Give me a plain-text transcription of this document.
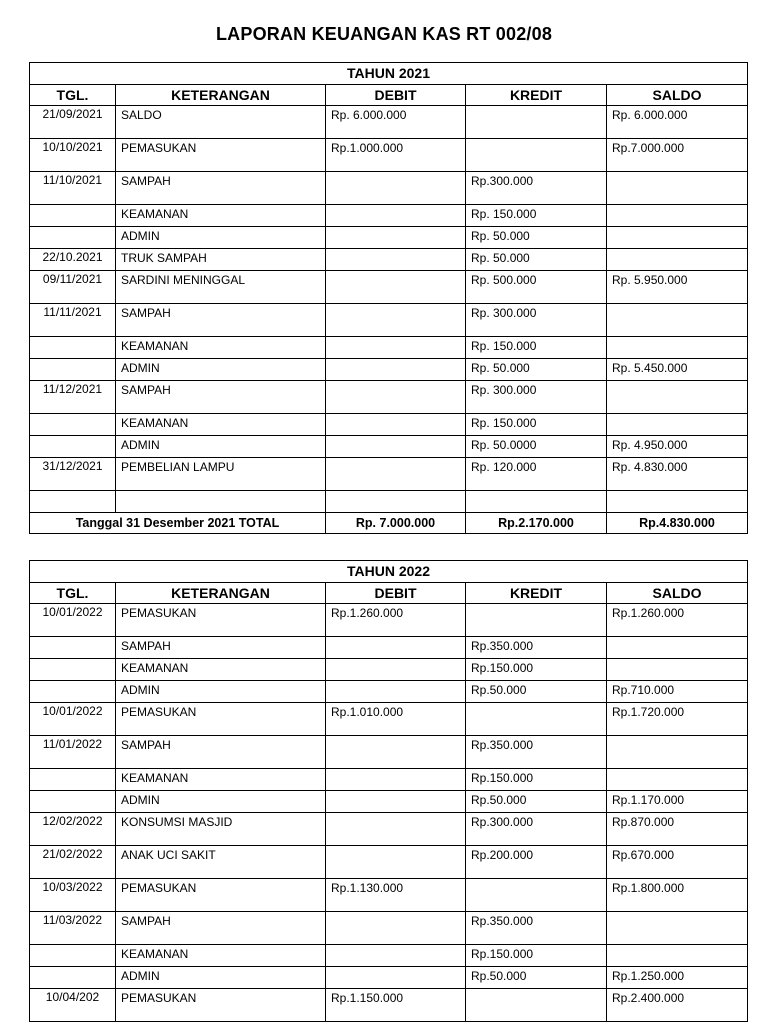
LAPORAN KEUANGAN KAS RT 002/08
TAHUN 2021				
TGL.	KETERANGAN	DEBIT	KREDIT	SALDO
21/09/2021	SALDO	Rp. 6.000.000		Rp. 6.000.000
10/10/2021	PEMASUKAN	Rp.1.000.000		Rp.7.000.000
11/10/2021	SAMPAH		Rp.300.000	
	KEAMANAN		Rp. 150.000	
	ADMIN		Rp. 50.000	
22/10.2021	TRUK SAMPAH		Rp. 50.000	
09/11/2021	SARDINI MENINGGAL		Rp. 500.000	Rp. 5.950.000
11/11/2021	SAMPAH		Rp. 300.000	
	KEAMANAN		Rp. 150.000	
	ADMIN		Rp. 50.000	Rp. 5.450.000
11/12/2021	SAMPAH		Rp. 300.000	
	KEAMANAN		Rp. 150.000	
	ADMIN		Rp. 50.0000	Rp. 4.950.000
31/12/2021	PEMBELIAN LAMPU		Rp. 120.000	Rp. 4.830.000

Tanggal 31 Desember 2021 TOTAL		Rp. 7.000.000	Rp.2.170.000	Rp.4.830.000
TAHUN 2022				
TGL.	KETERANGAN	DEBIT	KREDIT	SALDO
10/01/2022	PEMASUKAN	Rp.1.260.000		Rp.1.260.000
	SAMPAH		Rp.350.000	
	KEAMANAN		Rp.150.000	
	ADMIN		Rp.50.000	Rp.710.000
10/01/2022	PEMASUKAN	Rp.1.010.000		Rp.1.720.000
11/01/2022	SAMPAH		Rp.350.000	
	KEAMANAN		Rp.150.000	
	ADMIN		Rp.50.000	Rp.1.170.000
12/02/2022	KONSUMSI MASJID		Rp.300.000	Rp.870.000
21/02/2022	ANAK UCI SAKIT		Rp.200.000	Rp.670.000
10/03/2022	PEMASUKAN	Rp.1.130.000		Rp.1.800.000
11/03/2022	SAMPAH		Rp.350.000	
	KEAMANAN		Rp.150.000	
	ADMIN		Rp.50.000	Rp.1.250.000
10/04/202	PEMASUKAN	Rp.1.150.000		Rp.2.400.000
